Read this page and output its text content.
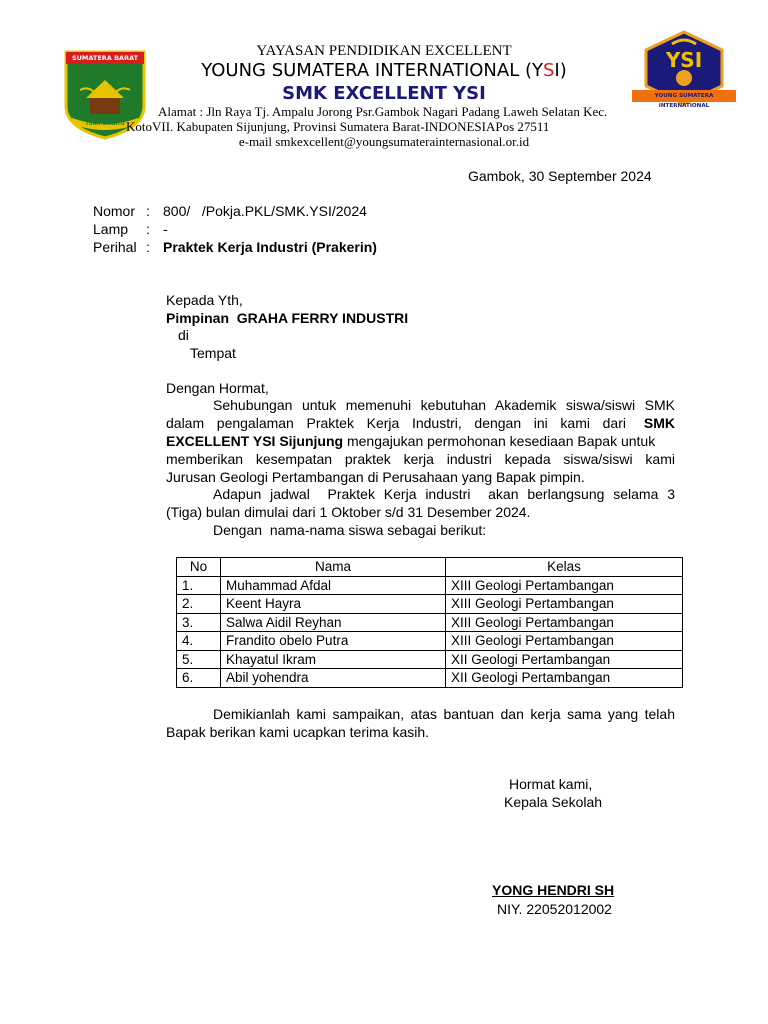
SUMATERA BARAT
TUAH SAKATO
YSI
YOUNG SUMATERA INTERNATIONAL
YAYASAN PENDIDIKAN EXCELLENT
YOUNG SUMATERA INTERNATIONAL (YSI)
SMK EXCELLENT YSI
Alamat : Jln Raya Tj. Ampalu Jorong Psr.Gambok Nagari Padang Laweh Selatan Kec.
KotoVII. Kabupaten Sijunjung, Provinsi Sumatera Barat-INDONESIAPos 27511
e-mail smkexcellent@youngsumaterainternasional.or.id
Gambok, 30 September 2024
Nomor : 800/   /Pokja.PKL/SMK.YSI/2024
Lamp : -
Perihal : Praktek Kerja Industri (Prakerin)
Kepada Yth,
Pimpinan  GRAHA FERRY INDUSTRI
di
Tempat
Dengan Hormat,
Sehubungan untuk memenuhi kebutuhan Akademik siswa/siswi SMK
dalam pengalaman Praktek Kerja Industri, dengan ini kami dari SMK
EXCELLENT YSI Sijunjung mengajukan permohonan kesediaan Bapak untuk
memberikan kesempatan praktek kerja industri kepada siswa/siswi kami
Jurusan Geologi Pertambangan di Perusahaan yang Bapak pimpin.
Adapun jadwal  Praktek Kerja industri  akan berlangsung selama 3
(Tiga) bulan dimulai dari 1 Oktober s/d 31 Desember 2024.
Dengan  nama-nama siswa sebagai berikut:
No	Nama	Kelas
1.	Muhammad Afdal	XIII Geologi Pertambangan
2.	Keent Hayra	XIII Geologi Pertambangan
3.	Salwa Aidil Reyhan	XIII Geologi Pertambangan
4.	Frandito obelo Putra	XIII Geologi Pertambangan
5.	Khayatul Ikram	XII Geologi Pertambangan
6.	Abil yohendra	XII Geologi Pertambangan
Demikianlah kami sampaikan, atas bantuan dan kerja sama yang telah
Bapak berikan kami ucapkan terima kasih.
Hormat kami,
Kepala Sekolah
YONG HENDRI SH
NIY. 22052012002
